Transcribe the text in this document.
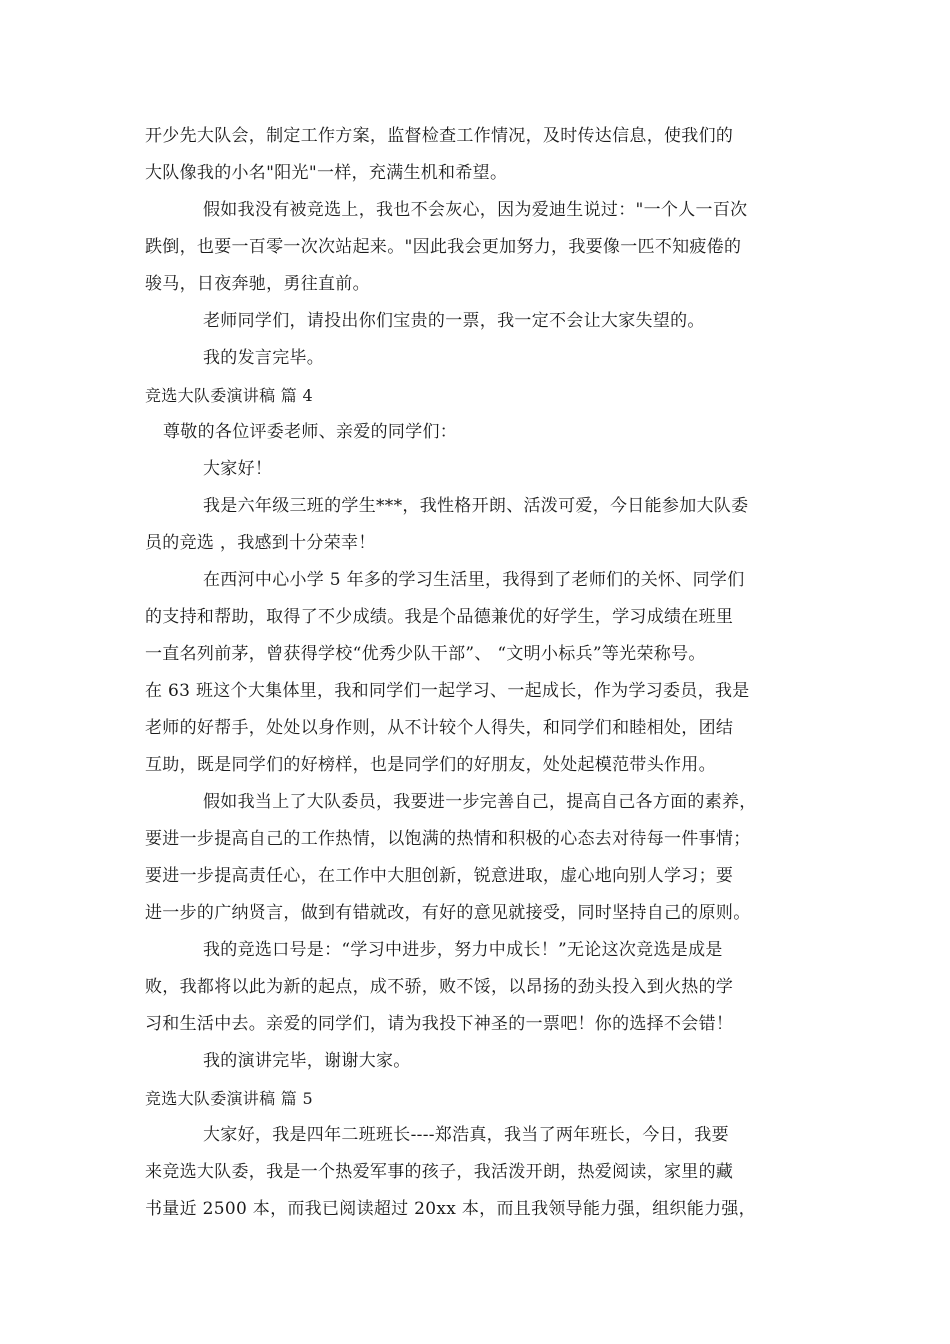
开少先大队会，制定工作方案，监督检查工作情况，及时传达信息，使我们的
大队像我的小名"阳光"一样，充满生机和希望。
假如我没有被竞选上，我也不会灰心，因为爱迪生说过："一个人一百次
跌倒，也要一百零一次次站起来。"因此我会更加努力，我要像一匹不知疲倦的
骏马，日夜奔驰，勇往直前。
老师同学们，请投出你们宝贵的一票，我一定不会让大家失望的。
我的发言完毕。
竞选大队委演讲稿 篇 4
尊敬的各位评委老师、亲爱的同学们：
大家好！
我是六年级三班的学生***，我性格开朗、活泼可爱，今日能参加大队委
员的竞选 ，我感到十分荣幸！
在西河中心小学 5 年多的学习生活里，我得到了老师们的关怀、同学们
的支持和帮助，取得了不少成绩。我是个品德兼优的好学生，学习成绩在班里
一直名列前茅，曾获得学校“优秀少队干部”、 “文明小标兵”等光荣称号。
在 63 班这个大集体里，我和同学们一起学习、一起成长，作为学习委员，我是
老师的好帮手，处处以身作则，从不计较个人得失，和同学们和睦相处，团结
互助，既是同学们的好榜样，也是同学们的好朋友，处处起模范带头作用。
假如我当上了大队委员，我要进一步完善自己，提高自己各方面的素养，
要进一步提高自己的工作热情，以饱满的热情和积极的心态去对待每一件事情；
要进一步提高责任心，在工作中大胆创新，锐意进取，虚心地向别人学习；要
进一步的广纳贤言，做到有错就改，有好的意见就接受，同时坚持自己的原则。
我的竞选口号是：“学习中进步，努力中成长！”无论这次竞选是成是
败，我都将以此为新的起点，成不骄，败不馁，以昂扬的劲头投入到火热的学
习和生活中去。亲爱的同学们，请为我投下神圣的一票吧！你的选择不会错！
我的演讲完毕，谢谢大家。
竞选大队委演讲稿 篇 5
大家好，我是四年二班班长----郑浩真，我当了两年班长，今日，我要
来竞选大队委，我是一个热爱军事的孩子，我活泼开朗，热爱阅读，家里的藏
书量近 2500 本，而我已阅读超过 20xx 本，而且我领导能力强，组织能力强，
